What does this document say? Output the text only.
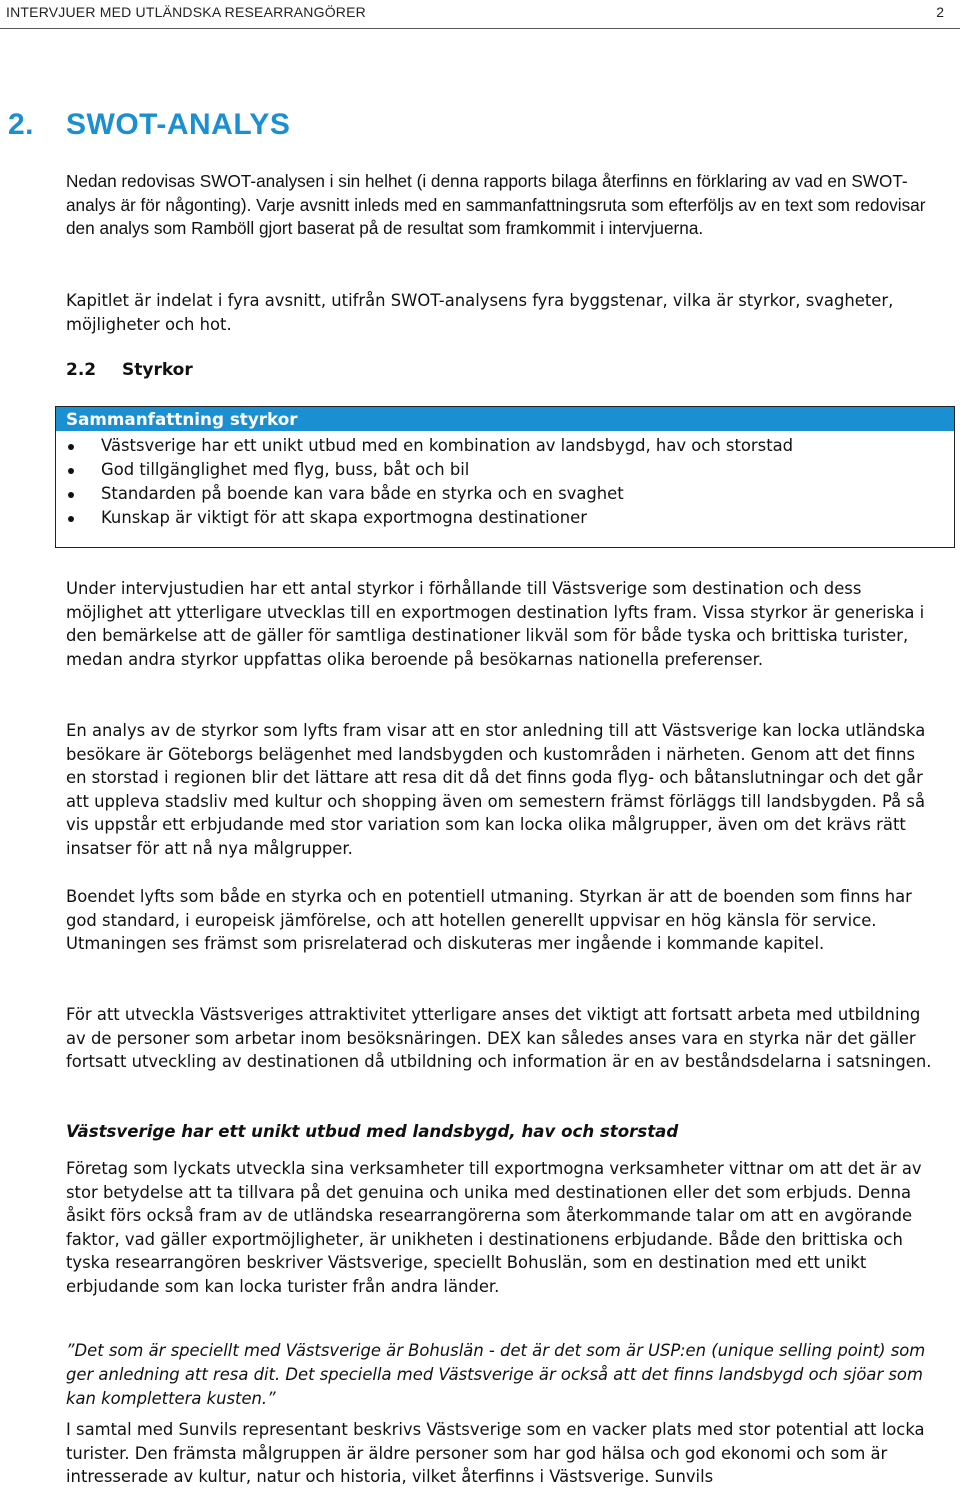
INTERVJUER MED UTLÄNDSKA RESEARRANGÖRER	2
2. SWOT-ANALYS

Nedan redovisas SWOT-analysen i sin helhet (i denna rapports bilaga återfinns en förklaring av vad en SWOT-analys är för någonting). Varje avsnitt inleds med en sammanfattningsruta som efterföljs av en text som redovisar den analys som Ramböll gjort baserat på de resultat som framkommit i intervjuerna.

Kapitlet är indelat i fyra avsnitt, utifrån SWOT-analysens fyra byggstenar, vilka är styrkor, svagheter, möjligheter och hot.

2.2 Styrkor
Sammanfattning styrkor
Västsverige har ett unikt utbud med en kombination av landsbygd, hav och storstad
God tillgänglighet med flyg, buss, båt och bil
Standarden på boende kan vara både en styrka och en svaghet
Kunskap är viktigt för att skapa exportmogna destinationer

Under intervjustudien har ett antal styrkor i förhållande till Västsverige som destination och dess möjlighet att ytterligare utvecklas till en exportmogen destination lyfts fram. Vissa styrkor är generiska i den bemärkelse att de gäller för samtliga destinationer likväl som för både tyska och brittiska turister, medan andra styrkor uppfattas olika beroende på besökarnas nationella preferenser.

En analys av de styrkor som lyfts fram visar att en stor anledning till att Västsverige kan locka utländska besökare är Göteborgs belägenhet med landsbygden och kustområden i närheten. Genom att det finns en storstad i regionen blir det lättare att resa dit då det finns goda flyg- och båtanslutningar och det går att uppleva stadsliv med kultur och shopping även om semestern främst förläggs till landsbygden. På så vis uppstår ett erbjudande med stor variation som kan locka olika målgrupper, även om det krävs rätt insatser för att nå nya målgrupper.

Boendet lyfts som både en styrka och en potentiell utmaning. Styrkan är att de boenden som finns har god standard, i europeisk jämförelse, och att hotellen generellt uppvisar en hög känsla för service. Utmaningen ses främst som prisrelaterad och diskuteras mer ingående i kommande kapitel.

För att utveckla Västsveriges attraktivitet ytterligare anses det viktigt att fortsatt arbeta med utbildning av de personer som arbetar inom besöksnäringen. DEX kan således anses vara en styrka när det gäller fortsatt utveckling av destinationen då utbildning och information är en av beståndsdelarna i satsningen.

Västsverige har ett unikt utbud med landsbygd, hav och storstad

Företag som lyckats utveckla sina verksamheter till exportmogna verksamheter vittnar om att det är av stor betydelse att ta tillvara på det genuina och unika med destinationen eller det som erbjuds. Denna åsikt förs också fram av de utländska researrangörerna som återkommande talar om att en avgörande faktor, vad gäller exportmöjligheter, är unikheten i destinationens erbjudande. Både den brittiska och tyska researrangören beskriver Västsverige, speciellt Bohuslän, som en destination med ett unikt erbjudande som kan locka turister från andra länder.

”Det som är speciellt med Västsverige är Bohuslän - det är det som är USP:en (unique selling point) som ger anledning att resa dit. Det speciella med Västsverige är också att det finns landsbygd och sjöar som kan komplettera kusten.”

I samtal med Sunvils representant beskrivs Västsverige som en vacker plats med stor potential att locka turister. Den främsta målgruppen är äldre personer som har god hälsa och god ekonomi och som är intresserade av kultur, natur och historia, vilket återfinns i Västsverige. Sunvils
